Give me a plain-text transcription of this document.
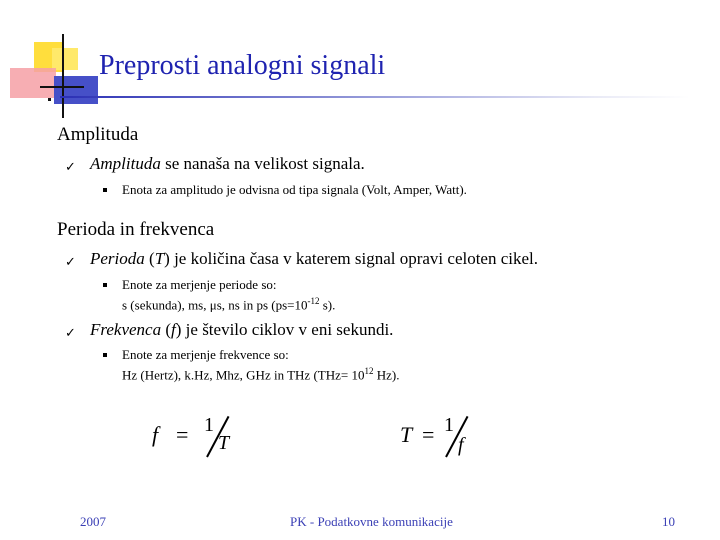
Preprosti analogni signali
Amplituda
✓ Amplituda se nanaša na velikost signala.
Enota za amplitudo je odvisna od tipa signala (Volt, Amper, Watt).
Perioda in frekvenca
✓ Perioda (T) je količina časa v katerem signal opravi celoten cikel.
Enote za merjenje periode so:
s (sekunda), ms, μs, ns in ps ($ps=10^{-12}$ s).
✓ Frekvenca (f) je število ciklov v eni sekundi.
Enote za merjenje frekvence so:
Hz (Hertz), k.Hz, Mhz, GHz in THz ($THz= 10^{12}$ Hz).
f = 1
T	T = 1
f
2007	PK - Podatkovne komunikacije	10
